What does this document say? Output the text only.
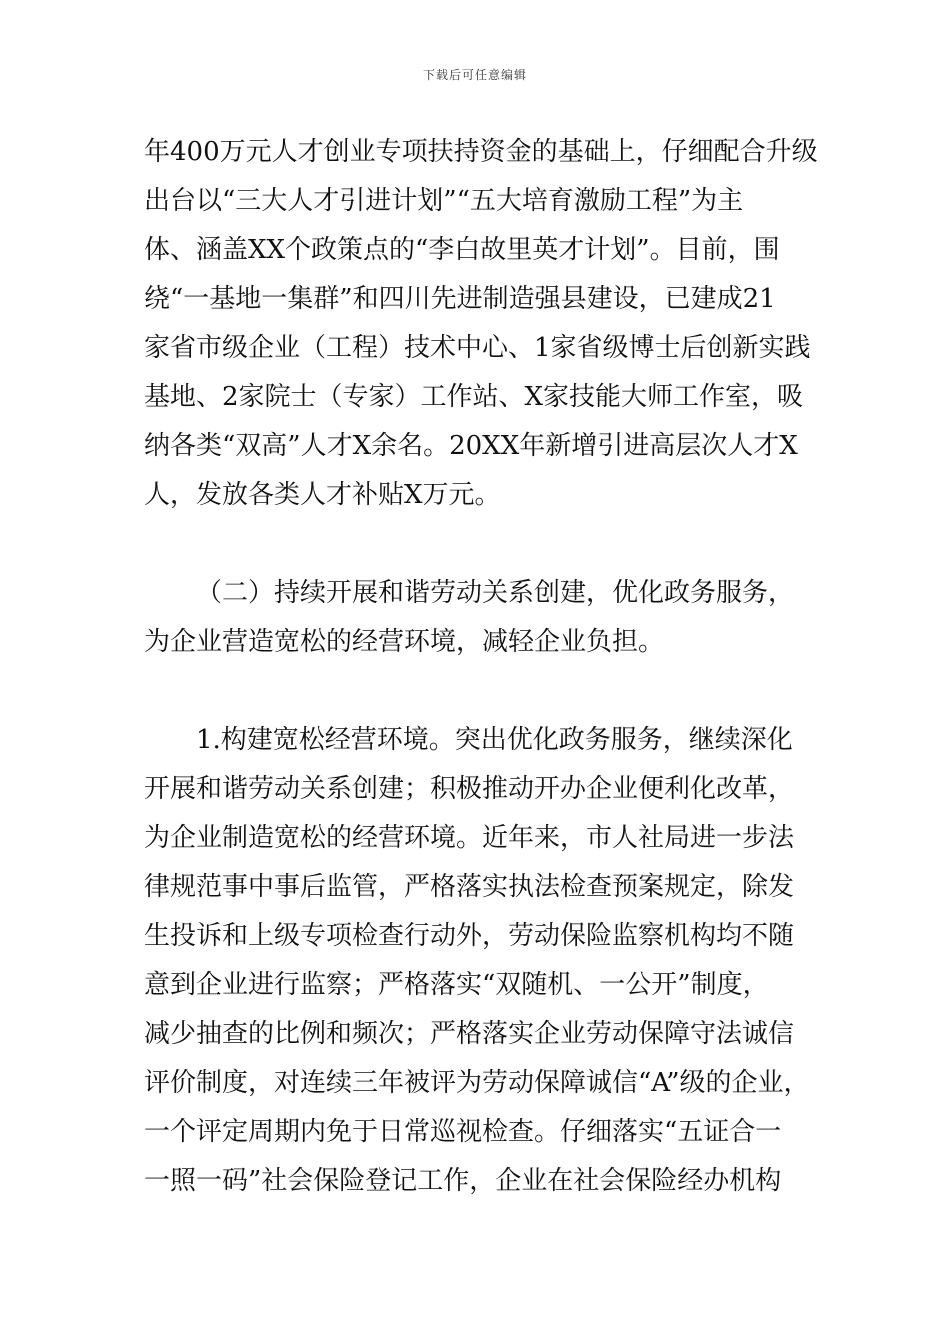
下载后可任意编辑
年400万元人才创业专项扶持资金的基础上，仔细配合升级
出台以“三大人才引进计划”“五大培育激励工程”为主
体、涵盖XX个政策点的“李白故里英才计划”。目前，围
绕“一基地一集群”和四川先进制造强县建设，已建成21
家省市级企业（工程）技术中心、1家省级博士后创新实践
基地、2家院士（专家）工作站、X家技能大师工作室，吸
纳各类“双高”人才X余名。20XX年新增引进高层次人才X
人，发放各类人才补贴X万元。
（二）持续开展和谐劳动关系创建，优化政务服务，
为企业营造宽松的经营环境，减轻企业负担。
1.构建宽松经营环境。突出优化政务服务，继续深化
开展和谐劳动关系创建；积极推动开办企业便利化改革，
为企业制造宽松的经营环境。近年来，市人社局进一步法
律规范事中事后监管，严格落实执法检查预案规定，除发
生投诉和上级专项检查行动外，劳动保险监察机构均不随
意到企业进行监察；严格落实“双随机、一公开”制度，
减少抽查的比例和频次；严格落实企业劳动保障守法诚信
评价制度，对连续三年被评为劳动保障诚信“A”级的企业，
一个评定周期内免于日常巡视检查。仔细落实“五证合一
一照一码”社会保险登记工作，企业在社会保险经办机构
